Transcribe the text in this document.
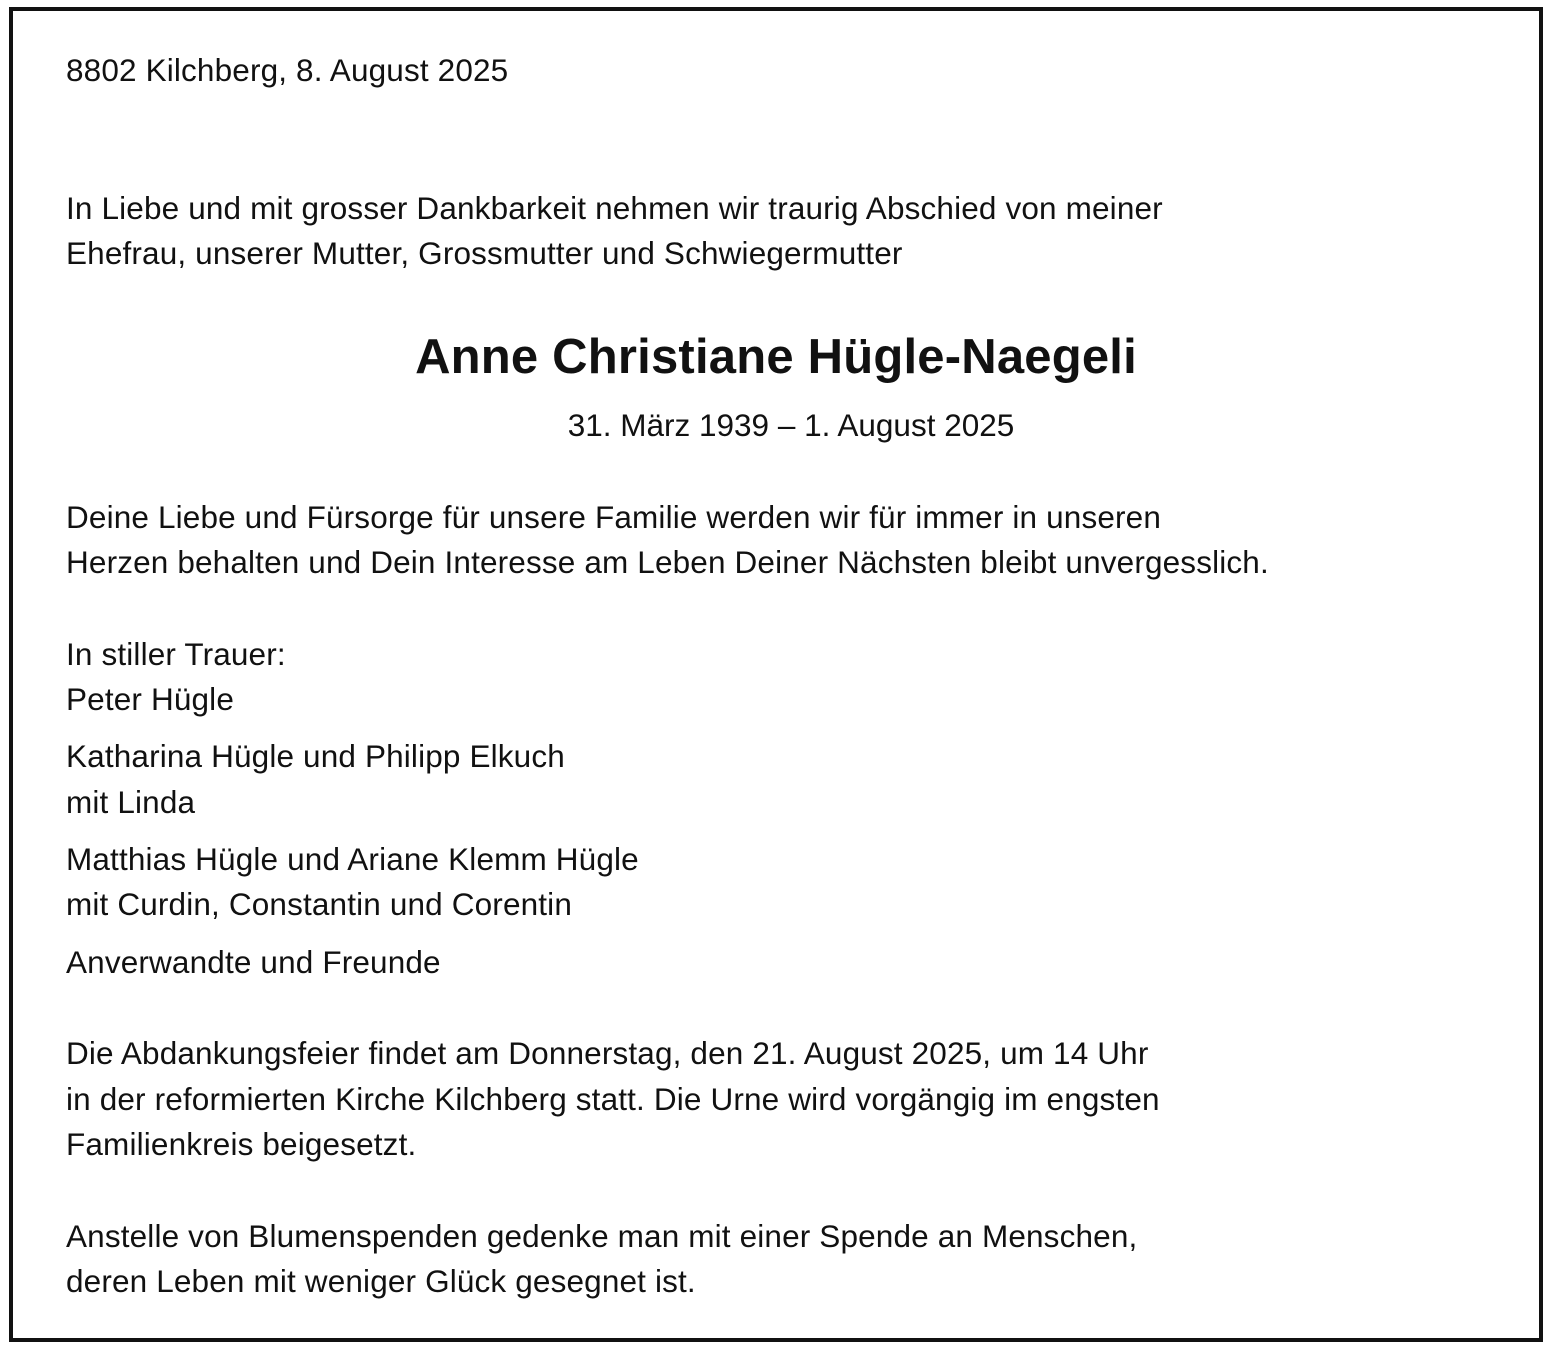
8802 Kilchberg, 8. August 2025
In Liebe und mit grosser Dankbarkeit nehmen wir traurig Abschied von meiner
Ehefrau, unserer Mutter, Grossmutter und Schwiegermutter
Anne Christiane Hügle-Naegeli
31. März 1939 – 1. August 2025
Deine Liebe und Fürsorge für unsere Familie werden wir für immer in unseren
Herzen behalten und Dein Interesse am Leben Deiner Nächsten bleibt unvergesslich.
In stiller Trauer:
Peter Hügle
Katharina Hügle und Philipp Elkuch
mit Linda
Matthias Hügle und Ariane Klemm Hügle
mit Curdin, Constantin und Corentin
Anverwandte und Freunde
Die Abdankungsfeier findet am Donnerstag, den 21. August 2025, um 14 Uhr
in der reformierten Kirche Kilchberg statt. Die Urne wird vorgängig im engsten
Familienkreis beigesetzt.
Anstelle von Blumenspenden gedenke man mit einer Spende an Menschen,
deren Leben mit weniger Glück gesegnet ist.
